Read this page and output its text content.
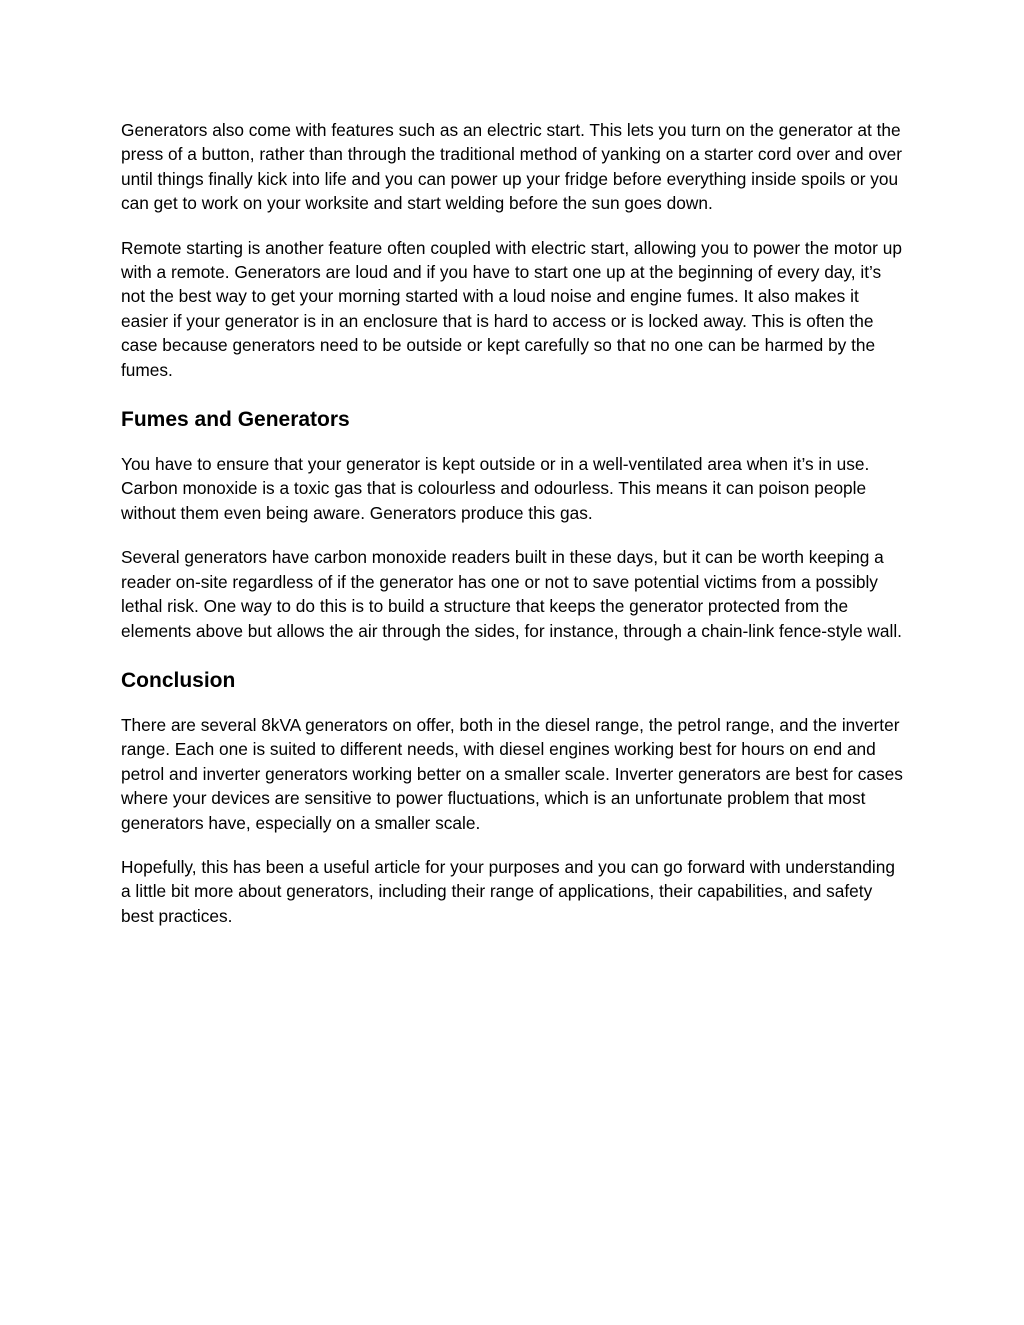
Generators also come with features such as an electric start. This lets you turn on the generator at the press of a button, rather than through the traditional method of yanking on a starter cord over and over until things finally kick into life and you can power up your fridge before everything inside spoils or you can get to work on your worksite and start welding before the sun goes down.

Remote starting is another feature often coupled with electric start, allowing you to power the motor up with a remote. Generators are loud and if you have to start one up at the beginning of every day, it’s not the best way to get your morning started with a loud noise and engine fumes. It also makes it easier if your generator is in an enclosure that is hard to access or is locked away. This is often the case because generators need to be outside or kept carefully so that no one can be harmed by the fumes.

Fumes and Generators

You have to ensure that your generator is kept outside or in a well-ventilated area when it’s in use. Carbon monoxide is a toxic gas that is colourless and odourless. This means it can poison people without them even being aware. Generators produce this gas.

Several generators have carbon monoxide readers built in these days, but it can be worth keeping a reader on-site regardless of if the generator has one or not to save potential victims from a possibly lethal risk. One way to do this is to build a structure that keeps the generator protected from the elements above but allows the air through the sides, for instance, through a chain-link fence-style wall.

Conclusion

There are several 8kVA generators on offer, both in the diesel range, the petrol range, and the inverter range. Each one is suited to different needs, with diesel engines working best for hours on end and petrol and inverter generators working better on a smaller scale. Inverter generators are best for cases where your devices are sensitive to power fluctuations, which is an unfortunate problem that most generators have, especially on a smaller scale.

Hopefully, this has been a useful article for your purposes and you can go forward with understanding a little bit more about generators, including their range of applications, their capabilities, and safety best practices.
